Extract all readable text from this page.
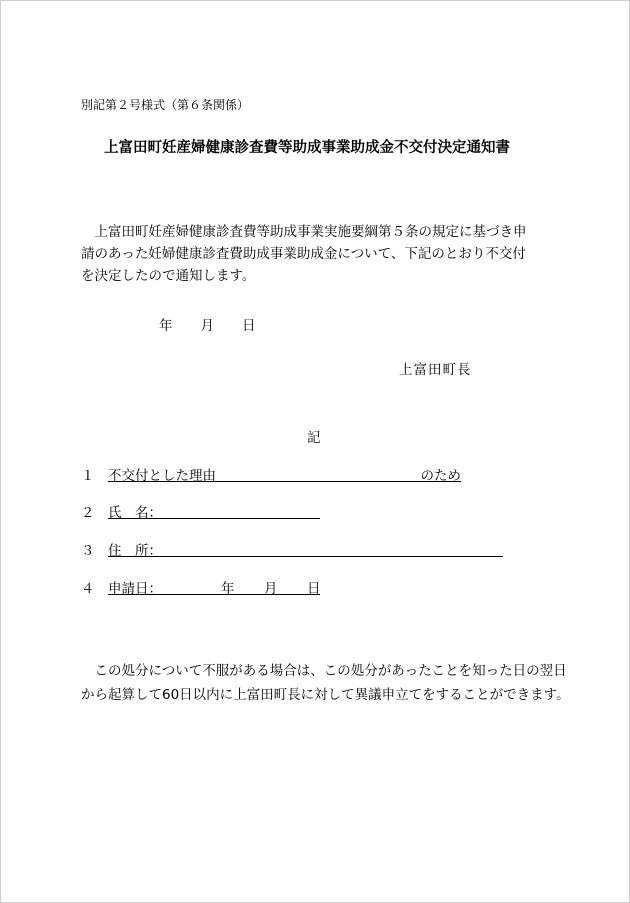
別記第２号様式（第６条関係）
上富田町妊産婦健康診査費等助成事業助成金不交付決定通知書

　上富田町妊産婦健康診査費等助成事業実施要綱第５条の規定に基づき申

請のあった妊婦健康診査費助成事業助成金について、下記のとおり不交付

を決定したので通知します。

年 月 日
上富田町長
記
１ 不交付とした理由	のため
２ 氏　名：
３ 住　所：
４ 申請日：	年 月 日

　この処分について不服がある場合は、この処分があったことを知った日の翌日

から起算して60日以内に上富田町長に対して異議申立てをすることができます。
